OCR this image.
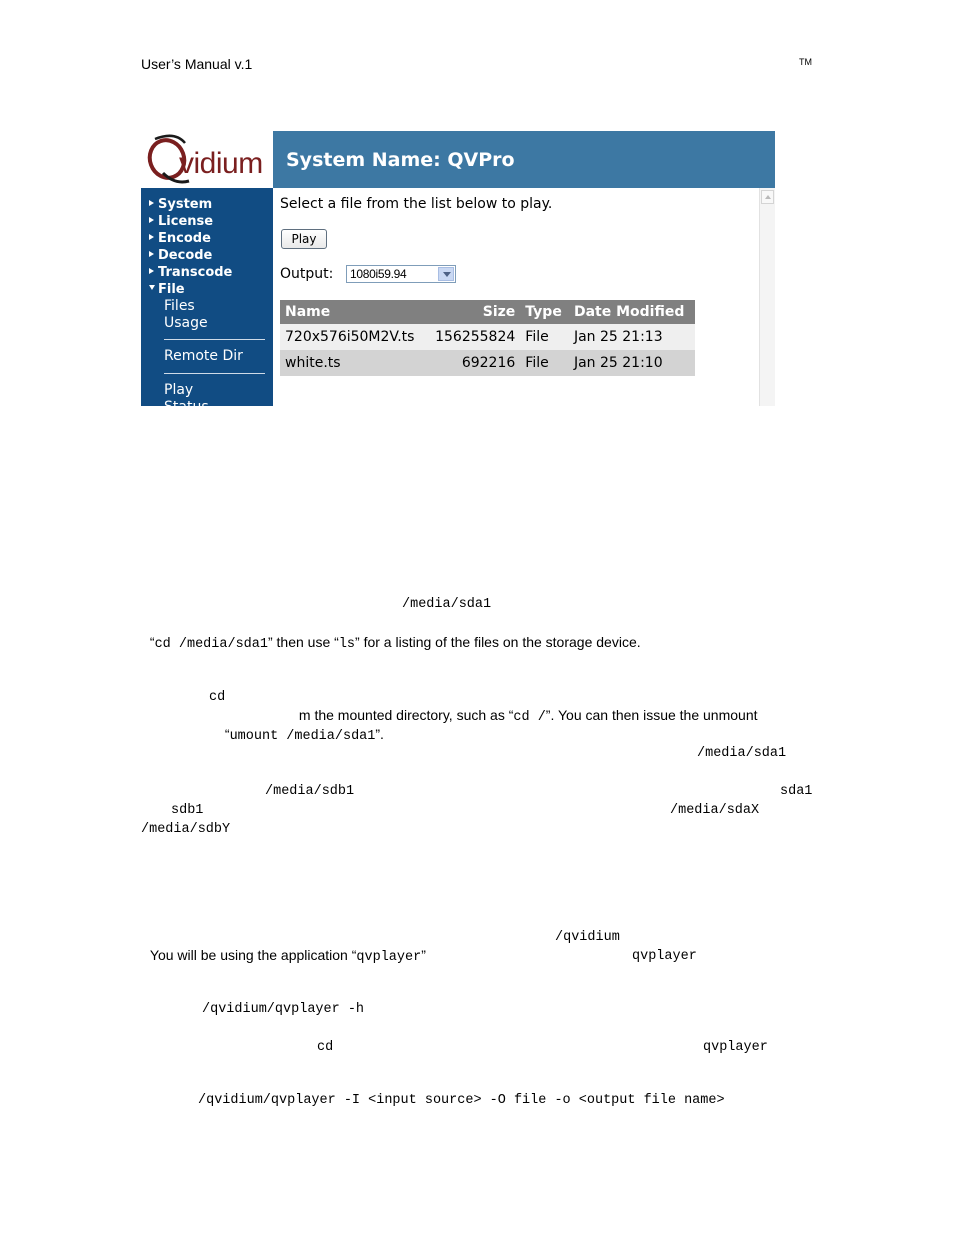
User’s Manual v.1	TM
vidium System Name: QVPro
System
License
Encode
Decode
Transcode
File
Files
Usage
Remote Dir
Play
Status
Select a file from the list below to play.
Play
Output: 1080i59.94
Name	Size	Type	Date Modified
720x576i50M2V.ts	156255824	File	Jan 25 21:13
white.ts	692216	File	Jan 25 21:10
/media/sda1

“cd /media/sda1” then use “ls” for a listing of the files on the storage device.

cd

m the mounted directory, such as “cd /”. You can then issue the unmount

“umount /media/sda1”.

/media/sda1
/media/sdb1	sda1
sdb1	/media/sdaX
/media/sdbY

You will be using the application “qvplayer”

/qvidium
qvplayer
/qvidium/qvplayer -h
cd	qvplayer
/qvidium/qvplayer -I <input source> -O file -o <output file name>
